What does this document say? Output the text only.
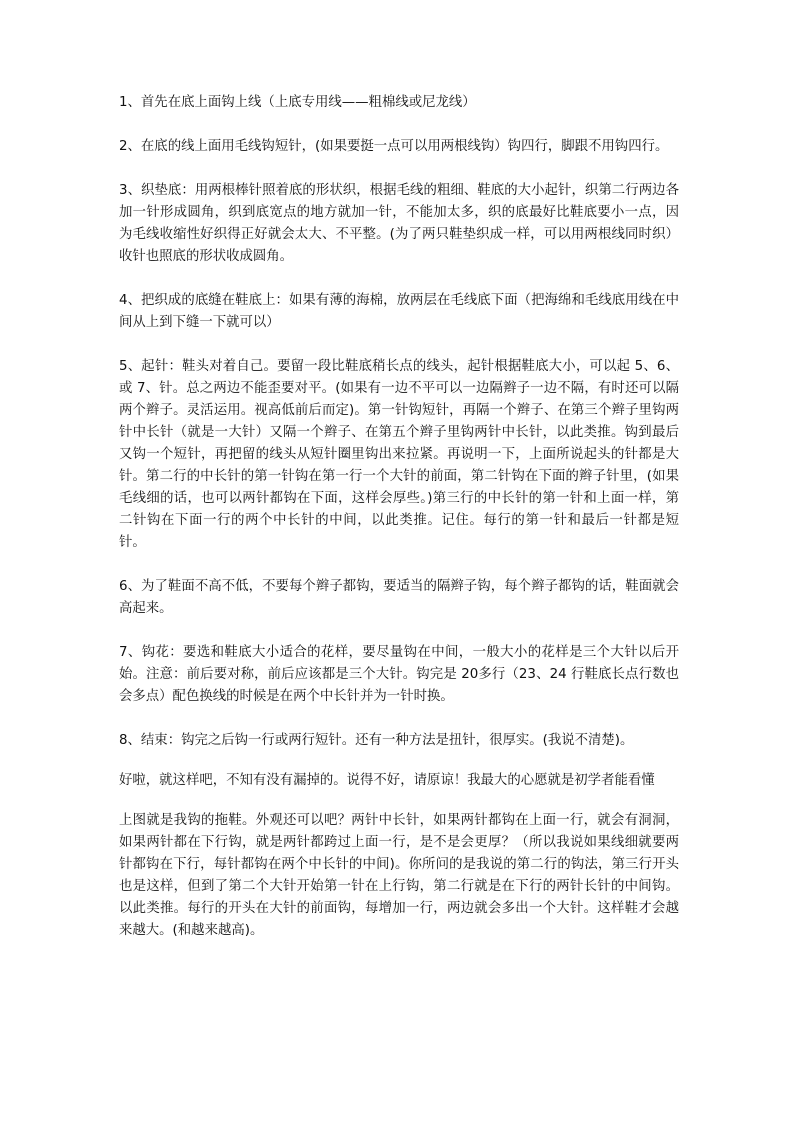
1、首先在底上面钩上线（上底专用线——粗棉线或尼龙线）

2、在底的线上面用毛线钩短针，(如果要挺一点可以用两根线钩）钩四行，脚跟不用钩四行。

3、织垫底：用两根棒针照着底的形状织，根据毛线的粗细、鞋底的大小起针，织第二行两边各加一针形成圆角，织到底宽点的地方就加一针，不能加太多，织的底最好比鞋底要小一点，因为毛线收缩性好织得正好就会太大、不平整。(为了两只鞋垫织成一样，可以用两根线同时织）收针也照底的形状收成圆角。

4、把织成的底缝在鞋底上：如果有薄的海棉，放两层在毛线底下面（把海绵和毛线底用线在中间从上到下缝一下就可以）

5、起针：鞋头对着自己。要留一段比鞋底稍长点的线头，起针根据鞋底大小，可以起 5、6、或 7、针。总之两边不能歪要对平。(如果有一边不平可以一边隔辫子一边不隔，有时还可以隔两个辫子。灵活运用。视高低前后而定)。第一针钩短针，再隔一个辫子、在第三个辫子里钩两针中长针（就是一大针）又隔一个辫子、在第五个辫子里钩两针中长针，以此类推。钩到最后又钩一个短针，再把留的线头从短针圈里钩出来拉紧。再说明一下，上面所说起头的针都是大针。第二行的中长针的第一针钩在第一行一个大针的前面，第二针钩在下面的辫子针里，(如果毛线细的话，也可以两针都钩在下面，这样会厚些。)第三行的中长针的第一针和上面一样，第二针钩在下面一行的两个中长针的中间，以此类推。记住。每行的第一针和最后一针都是短针。

6、为了鞋面不高不低，不要每个辫子都钩，要适当的隔辫子钩，每个辫子都钩的话，鞋面就会高起来。

7、钩花：要选和鞋底大小适合的花样，要尽量钩在中间，一般大小的花样是三个大针以后开始。注意：前后要对称，前后应该都是三个大针。钩完是 20多行（23、24 行鞋底长点行数也会多点）配色换线的时候是在两个中长针并为一针时换。

8、结束：钩完之后钩一行或两行短针。还有一种方法是扭针，很厚实。(我说不清楚)。

好啦，就这样吧，不知有没有漏掉的。说得不好，请原谅！我最大的心愿就是初学者能看懂

上图就是我钩的拖鞋。外观还可以吧？两针中长针，如果两针都钩在上面一行，就会有洞洞，如果两针都在下行钩，就是两针都跨过上面一行，是不是会更厚？（所以我说如果线细就要两针都钩在下行，每针都钩在两个中长针的中间)。你所问的是我说的第二行的钩法，第三行开头也是这样，但到了第二个大针开始第一针在上行钩，第二行就是在下行的两针长针的中间钩。以此类推。每行的开头在大针的前面钩，每增加一行，两边就会多出一个大针。这样鞋才会越来越大。(和越来越高)。
